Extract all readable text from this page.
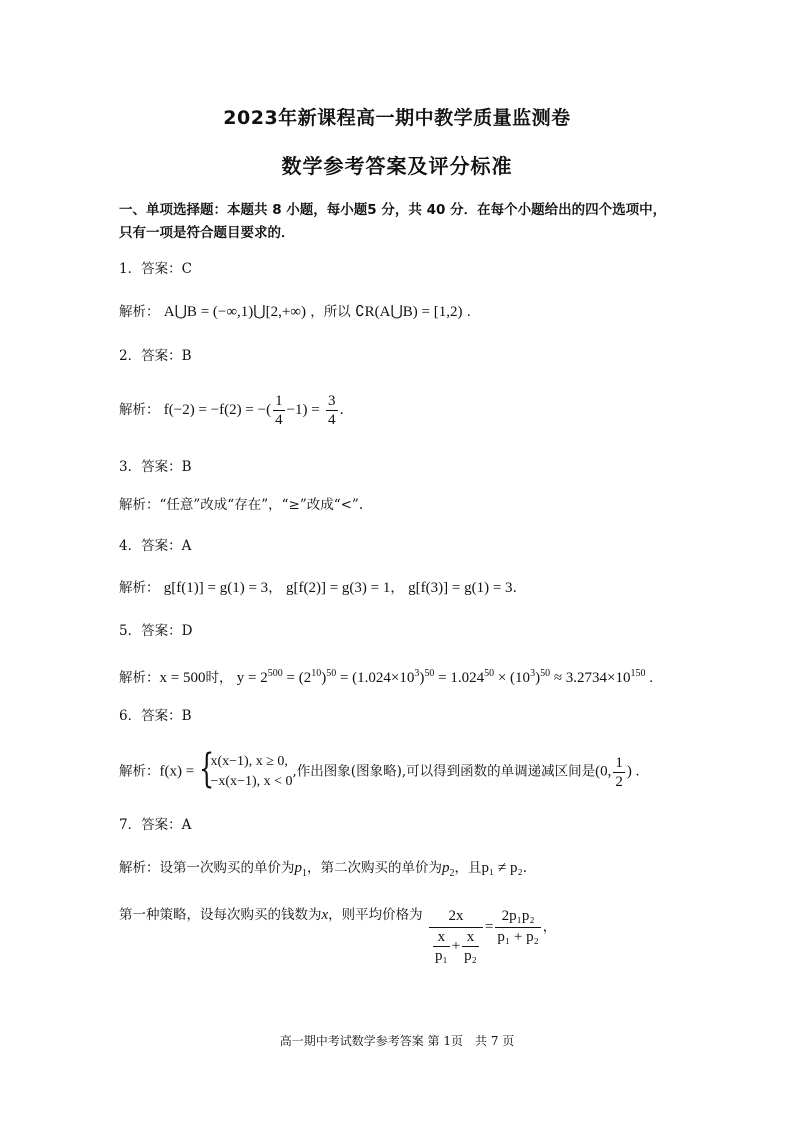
2023年新课程高一期中教学质量监测卷
数学参考答案及评分标准
一、单项选择题：本题共 8 小题，每小题5 分，共 40 分．在每个小题给出的四个选项中，
只有一项是符合题目要求的．
1．答案：C
解析： A⋃B = (−∞,1)⋃[2,+∞) ，所以 ∁R(A⋃B) = [1,2) ．
2．答案：B
解析： f(−2) = −f(2) = −( $\frac{1}{4} -1) = \frac{3}{4}$ .
3．答案：B
解析：“任意”改成“存在”，“≥”改成“<”.
4．答案：A
解析： g[f(1)] = g(1) = 3， g[f(2)] = g(3) = 1， g[f(3)] = g(1) = 3.
5．答案：D
解析：x = 500时， $y = 2^{500} = (2^{10})^{50} = (1.024\times 10^3)^{50} = 1.024^{50} \times (10^3)^{50} \approx 3.2734\times 10^{150}$ .
6．答案：B
解析：f(x) = {
x(x−1), x ≥ 0,
−x(x−1), x < 0
,作出图象(图象略),可以得到函数的单调递减区间是(0, $\frac{1}{2}$ ) .
7．答案：A
解析：设第一次购买的单价为$p_1$，第二次购买的单价为$p_2$，且p₁ ≠ p₂.
第一种策略，设每次购买的钱数为x，则平均价格为 $\frac{2x}{\frac{x}{\text{p₁}} + \frac{x}{\text{p₂}}} = \frac{\text{2p₁p₂}}{\text{p₁ + p₂}}$ ，
高一期中考试数学参考答案 第 1页　共 7 页
